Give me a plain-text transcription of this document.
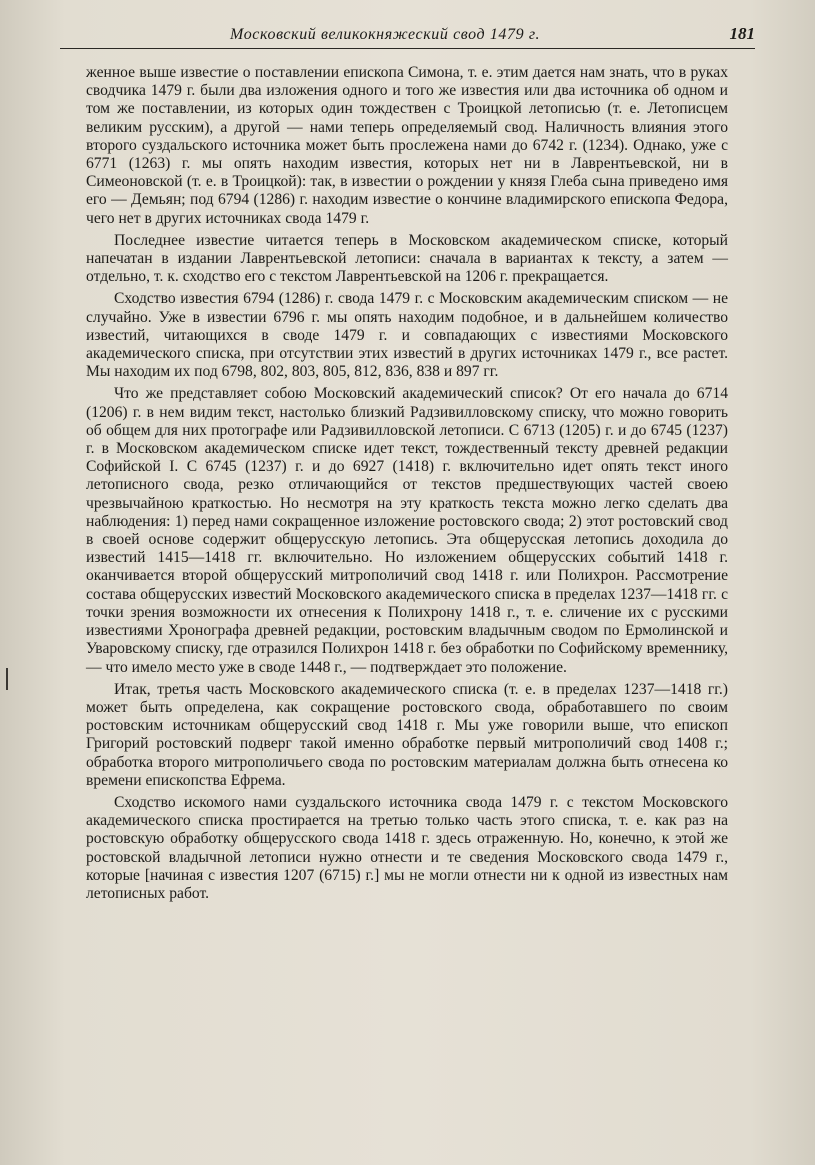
Московский великокняжеский свод 1479 г.	181

женное выше известие о поставлении епископа Симона, т. е. этим дается нам знать, что в руках сводчика 1479 г. были два изложения одного и того же известия или два источника об одном и том же поставлении, из которых один тождествен с Троицкой летописью (т. е. Летописцем великим русским), а другой — нами теперь определяемый свод. Наличность влияния этого второго суздальского источника может быть прослежена нами до 6742 г. (1234). Однако, уже с 6771 (1263) г. мы опять находим известия, которых нет ни в Лаврентьевской, ни в Симеоновской (т. е. в Троицкой): так, в известии о рождении у князя Глеба сына приведено имя его — Демьян; под 6794 (1286) г. находим известие о кончине владимирского епископа Федора, чего нет в других источниках свода 1479 г.

Последнее известие читается теперь в Московском академическом списке, который напечатан в издании Лаврентьевской летописи: сначала в вариантах к тексту, а затем — отдельно, т. к. сходство его с текстом Лаврентьевской на 1206 г. прекращается.

Сходство известия 6794 (1286) г. свода 1479 г. с Московским академическим списком — не случайно. Уже в известии 6796 г. мы опять находим подобное, и в дальнейшем количество известий, читающихся в своде 1479 г. и совпадающих с известиями Московского академического списка, при отсутствии этих известий в других источниках 1479 г., все растет. Мы находим их под 6798, 802, 803, 805, 812, 836, 838 и 897 гг.

Что же представляет собою Московский академический список? От его начала до 6714 (1206) г. в нем видим текст, настолько близкий Радзивилловскому списку, что можно говорить об общем для них протографе или Радзивилловской летописи. С 6713 (1205) г. и до 6745 (1237) г. в Московском академическом списке идет текст, тождественный тексту древней редакции Софийской I. С 6745 (1237) г. и до 6927 (1418) г. включительно идет опять текст иного летописного свода, резко отличающийся от текстов предшествующих частей своею чрезвычайною краткостью. Но несмотря на эту краткость текста можно легко сделать два наблюдения: 1) перед нами сокращенное изложение ростовского свода; 2) этот ростовский свод в своей основе содержит общерусскую летопись. Эта общерусская летопись доходила до известий 1415—1418 гг. включительно. Но изложением общерусских событий 1418 г. оканчивается второй общерусский митрополичий свод 1418 г. или Полихрон. Рассмотрение состава общерусских известий Московского академического списка в пределах 1237—1418 гг. с точки зрения возможности их отнесения к Полихрону 1418 г., т. е. сличение их с русскими известиями Хронографа древней редакции, ростовским владычным сводом по Ермолинской и Уваровскому списку, где отразился Полихрон 1418 г. без обработки по Софийскому временнику, — что имело место уже в своде 1448 г., — подтверждает это положение.

Итак, третья часть Московского академического списка (т. е. в пределах 1237—1418 гг.) может быть определена, как сокращение ростовского свода, обработавшего по своим ростовским источникам общерусский свод 1418 г. Мы уже говорили выше, что епископ Григорий ростовский подверг такой именно обработке первый митрополичий свод 1408 г.; обработка второго митрополичьего свода по ростовским материалам должна быть отнесена ко времени епископства Ефрема.

Сходство искомого нами суздальского источника свода 1479 г. с текстом Московского академического списка простирается на третью только часть этого списка, т. е. как раз на ростовскую обработку общерусского свода 1418 г. здесь отраженную. Но, конечно, к этой же ростовской владычной летописи нужно отнести и те сведения Московского свода 1479 г., которые [начиная с известия 1207 (6715) г.] мы не могли отнести ни к одной из известных нам летописных работ.
